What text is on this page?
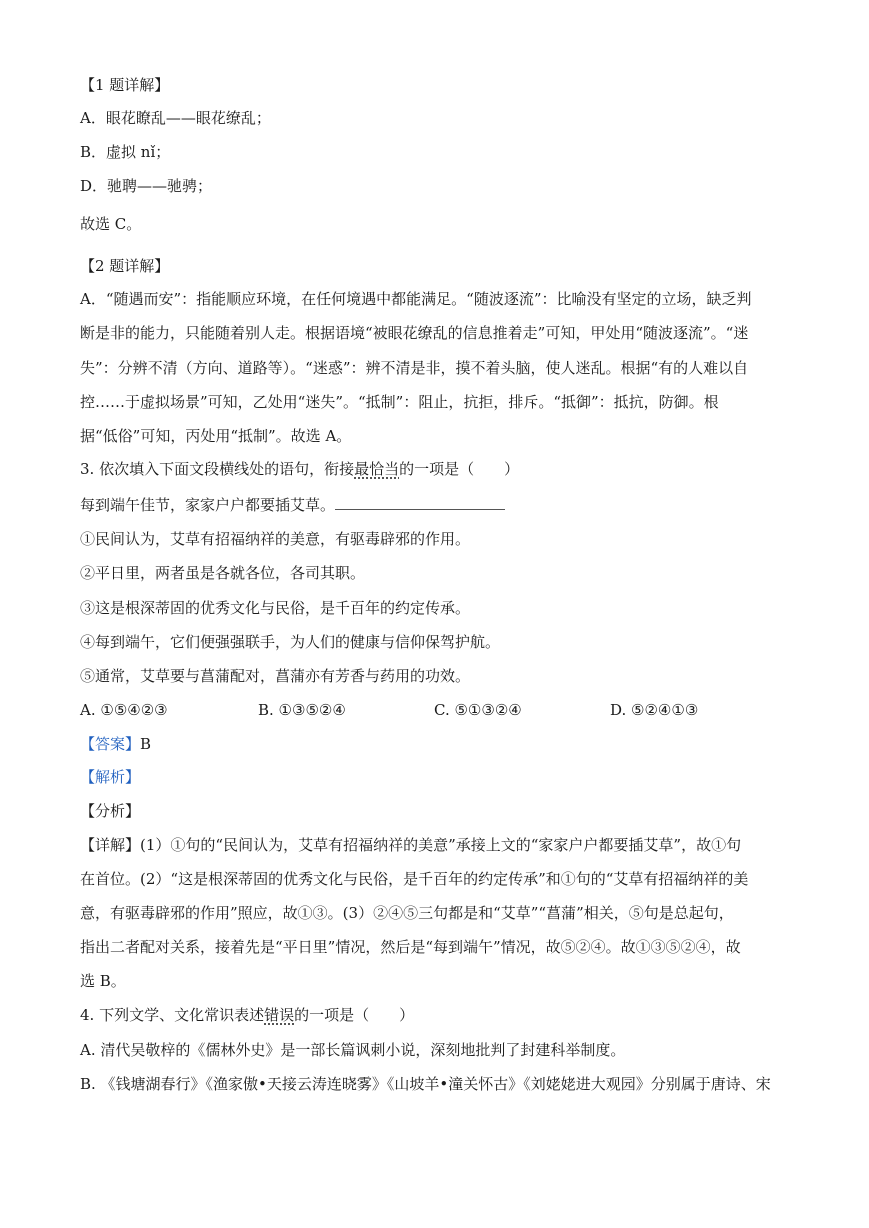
【1 题详解】
A．眼花瞭乱——眼花缭乱；
B．虚拟 nǐ；
D．驰聘——驰骋；
故选 C。
【2 题详解】
A．“随遇而安”：指能顺应环境，在任何境遇中都能满足。“随波逐流”：比喻没有坚定的立场，缺乏判
断是非的能力，只能随着别人走。根据语境“被眼花缭乱的信息推着走”可知，甲处用“随波逐流”。“迷
失”：分辨不清（方向、道路等）。“迷惑”：辨不清是非，摸不着头脑，使人迷乱。根据“有的人难以自
控……于虚拟场景”可知，乙处用“迷失”。“抵制”：阻止，抗拒，排斥。“抵御”：抵抗，防御。根
据“低俗”可知，丙处用“抵制”。故选 A。
3. 依次填入下面文段横线处的语句，衔接最恰当的一项是（　　）
每到端午佳节，家家户户都要插艾草。
①民间认为，艾草有招福纳祥的美意，有驱毒辟邪的作用。
②平日里，两者虽是各就各位，各司其职。
③这是根深蒂固的优秀文化与民俗，是千百年的约定传承。
④每到端午，它们便强强联手，为人们的健康与信仰保驾护航。
⑤通常，艾草要与菖蒲配对，菖蒲亦有芳香与药用的功效。
A. ①⑤④②③	B. ①③⑤②④	C. ⑤①③②④	D. ⑤②④①③
【答案】B
【解析】
【分析】
【详解】(1）①句的“民间认为，艾草有招福纳祥的美意”承接上文的“家家户户都要插艾草”，故①句
在首位。(2）“这是根深蒂固的优秀文化与民俗，是千百年的约定传承”和①句的“艾草有招福纳祥的美
意，有驱毒辟邪的作用”照应，故①③。(3）②④⑤三句都是和“艾草”“菖蒲”相关，⑤句是总起句，
指出二者配对关系，接着先是“平日里”情况，然后是“每到端午”情况，故⑤②④。故①③⑤②④，故
选 B。
4. 下列文学、文化常识表述错误的一项是（　　）
A. 清代吴敬梓的《儒林外史》是一部长篇讽刺小说，深刻地批判了封建科举制度。
B. 《钱塘湖春行》《渔家傲•天接云涛连晓雾》《山坡羊•潼关怀古》《刘姥姥进大观园》分别属于唐诗、宋
